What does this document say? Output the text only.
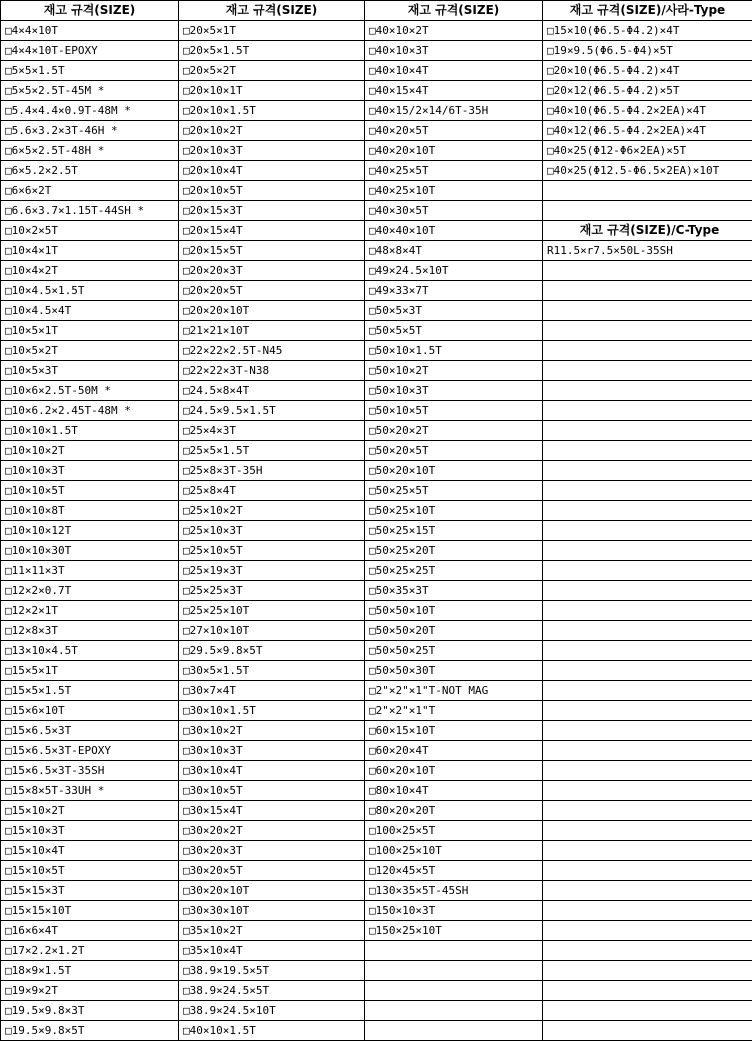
재고 규격(SIZE)	재고 규격(SIZE)	재고 규격(SIZE)	재고 규격(SIZE)/사라-Type
□4×4×10T	□20×5×1T	□40×10×2T	□15×10(Φ6.5-Φ4.2)×4T
□4×4×10T-EPOXY	□20×5×1.5T	□40×10×3T	□19×9.5(Φ6.5-Φ4)×5T
□5×5×1.5T	□20×5×2T	□40×10×4T	□20×10(Φ6.5-Φ4.2)×4T
□5×5×2.5T-45M *	□20×10×1T	□40×15×4T	□20×12(Φ6.5-Φ4.2)×5T
□5.4×4.4×0.9T-48M *	□20×10×1.5T	□40×15/2×14/6T-35H	□40×10(Φ6.5-Φ4.2×2EA)×4T
□5.6×3.2×3T-46H *	□20×10×2T	□40×20×5T	□40×12(Φ6.5-Φ4.2×2EA)×4T
□6×5×2.5T-48H *	□20×10×3T	□40×20×10T	□40×25(Φ12-Φ6×2EA)×5T
□6×5.2×2.5T	□20×10×4T	□40×25×5T	□40×25(Φ12.5-Φ6.5×2EA)×10T
□6×6×2T	□20×10×5T	□40×25×10T	
□6.6×3.7×1.15T-44SH *	□20×15×3T	□40×30×5T	
□10×2×5T	□20×15×4T	□40×40×10T	재고 규격(SIZE)/C-Type
□10×4×1T	□20×15×5T	□48×8×4T	R11.5×r7.5×50L-35SH
□10×4×2T	□20×20×3T	□49×24.5×10T	
□10×4.5×1.5T	□20×20×5T	□49×33×7T	
□10×4.5×4T	□20×20×10T	□50×5×3T	
□10×5×1T	□21×21×10T	□50×5×5T	
□10×5×2T	□22×22×2.5T-N45	□50×10×1.5T	
□10×5×3T	□22×22×3T-N38	□50×10×2T	
□10×6×2.5T-50M *	□24.5×8×4T	□50×10×3T	
□10×6.2×2.45T-48M *	□24.5×9.5×1.5T	□50×10×5T	
□10×10×1.5T	□25×4×3T	□50×20×2T	
□10×10×2T	□25×5×1.5T	□50×20×5T	
□10×10×3T	□25×8×3T-35H	□50×20×10T	
□10×10×5T	□25×8×4T	□50×25×5T	
□10×10×8T	□25×10×2T	□50×25×10T	
□10×10×12T	□25×10×3T	□50×25×15T	
□10×10×30T	□25×10×5T	□50×25×20T	
□11×11×3T	□25×19×3T	□50×25×25T	
□12×2×0.7T	□25×25×3T	□50×35×3T	
□12×2×1T	□25×25×10T	□50×50×10T	
□12×8×3T	□27×10×10T	□50×50×20T	
□13×10×4.5T	□29.5×9.8×5T	□50×50×25T	
□15×5×1T	□30×5×1.5T	□50×50×30T	
□15×5×1.5T	□30×7×4T	□2"×2"×1"T-NOT MAG	
□15×6×10T	□30×10×1.5T	□2"×2"×1"T	
□15×6.5×3T	□30×10×2T	□60×15×10T	
□15×6.5×3T-EPOXY	□30×10×3T	□60×20×4T	
□15×6.5×3T-35SH	□30×10×4T	□60×20×10T	
□15×8×5T-33UH *	□30×10×5T	□80×10×4T	
□15×10×2T	□30×15×4T	□80×20×20T	
□15×10×3T	□30×20×2T	□100×25×5T	
□15×10×4T	□30×20×3T	□100×25×10T	
□15×10×5T	□30×20×5T	□120×45×5T	
□15×15×3T	□30×20×10T	□130×35×5T-45SH	
□15×15×10T	□30×30×10T	□150×10×3T	
□16×6×4T	□35×10×2T	□150×25×10T	
□17×2.2×1.2T	□35×10×4T		
□18×9×1.5T	□38.9×19.5×5T		
□19×9×2T	□38.9×24.5×5T		
□19.5×9.8×3T	□38.9×24.5×10T		
□19.5×9.8×5T	□40×10×1.5T		
